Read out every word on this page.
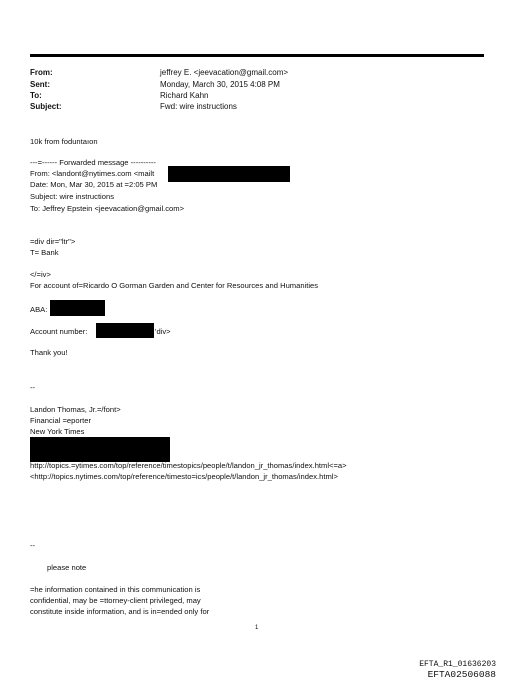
From:	jeffrey E. <jeevacation@gmail.com>
Sent:	Monday, March 30, 2015 4:08 PM
To:	Richard Kahn
Subject:	Fwd: wire instructions
10k from foduntaıon
---=------ Forwarded message ----------
From: <landont@nytimes.com <mailt
Date: Mon, Mar 30, 2015 at =2:05 PM
Subject: wire instructions
To: Jeffrey Epstein <jeevacation@gmail.com>
=div dir="ltr">
T= Bank
</=iv>
For account of=Ricardo O Gorman Garden and Center for Resources and Humanities
ABA:
Account number:	'div>
Thank you!
--
Landon Thomas, Jr.=/font>
Financial =eporter
New York Times
http://topics.=ytimes.com/top/reference/timestopics/people/t/landon_jr_thomas/index.html<=a>
<http://topics.nytimes.com/top/reference/timesto=ics/people/t/landon_jr_thomas/index.html>
--
please note
=he information contained in this communication is
confidential, may be =ttorney-client privileged, may
constitute inside information, and is in=ended only for
1
EFTA_R1_01636203
EFTA02506088
